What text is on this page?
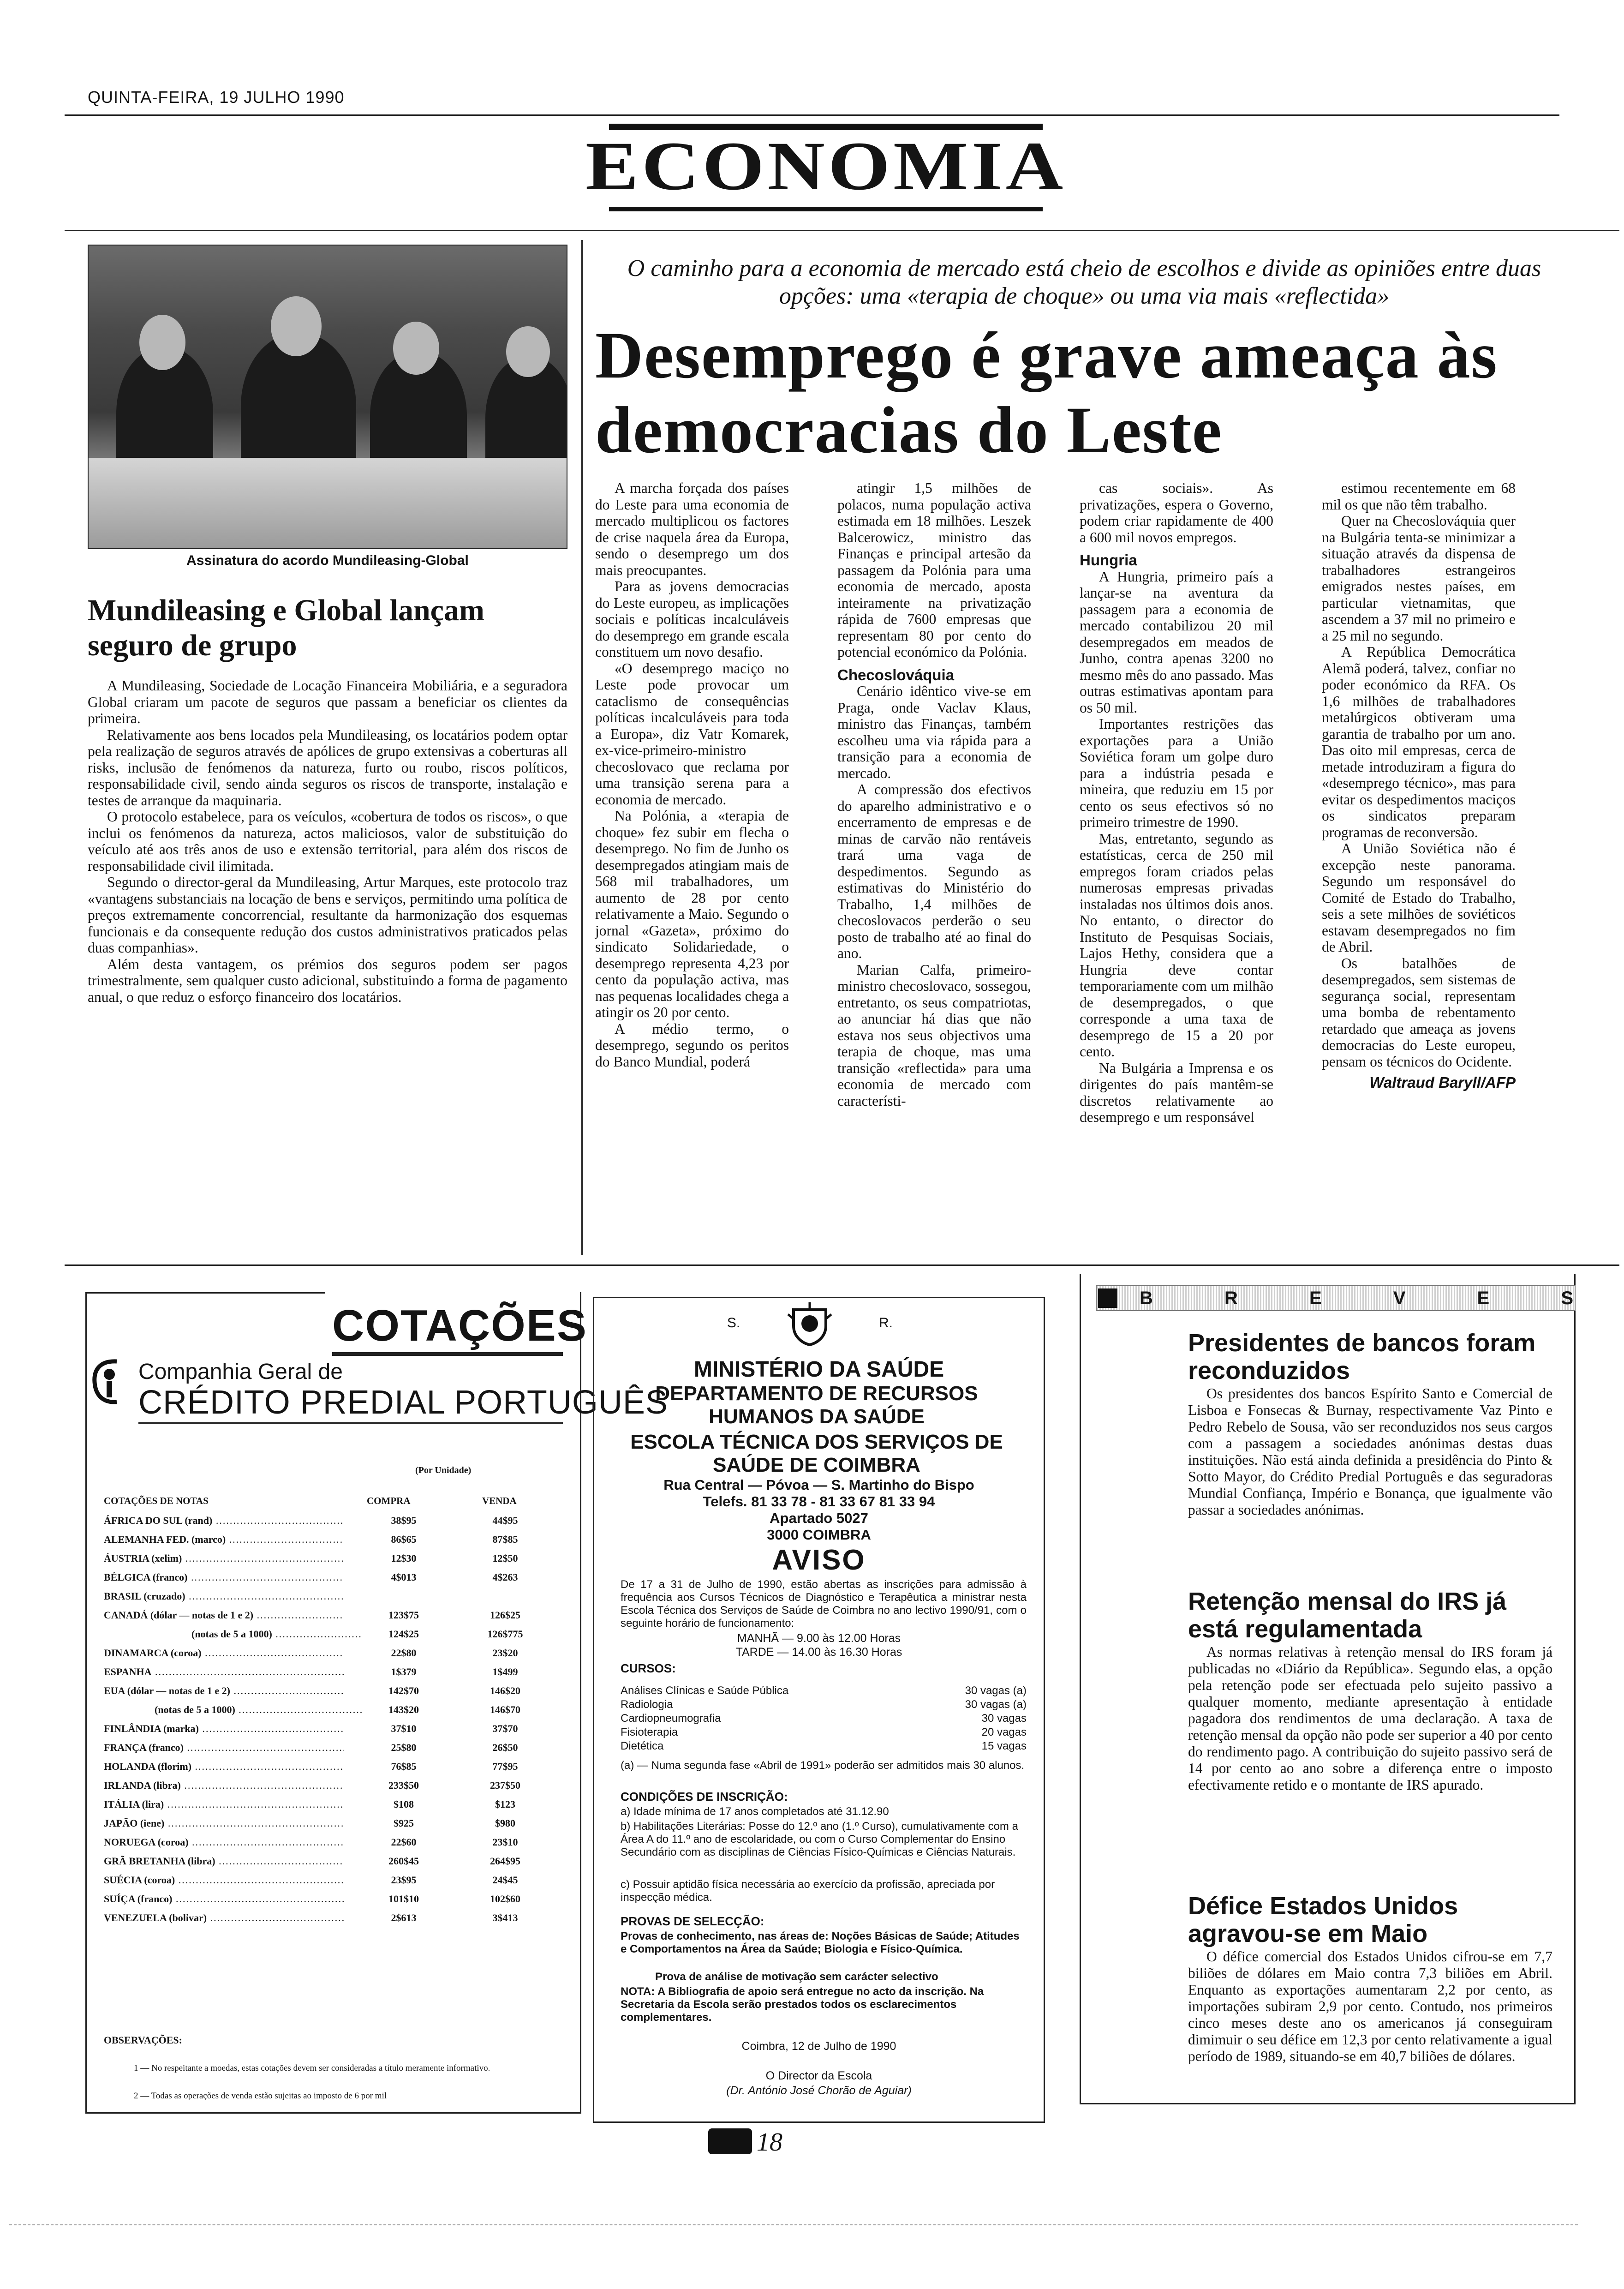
QUINTA-FEIRA, 19 JULHO 1990
ECONOMIA
Assinatura do acordo Mundileasing-Global
Mundileasing e Global lançam seguro de grupo

A Mundileasing, Sociedade de Locação Financeira Mobiliária, e a seguradora Global criaram um pacote de seguros que passam a beneficiar os clientes da primeira.

Relativamente aos bens locados pela Mundileasing, os locatários podem optar pela realização de seguros através de apólices de grupo extensivas a coberturas all risks, inclusão de fenómenos da natureza, furto ou roubo, riscos políticos, responsabilidade civil, sendo ainda seguros os riscos de transporte, instalação e testes de arranque da maquinaria.

O protocolo estabelece, para os veículos, «cobertura de todos os riscos», o que inclui os fenómenos da natureza, actos maliciosos, valor de substituição do veículo até aos três anos de uso e extensão territorial, para além dos riscos de responsabilidade civil ilimitada.

Segundo o director-geral da Mundileasing, Artur Marques, este protocolo traz «vantagens substanciais na locação de bens e serviços, permitindo uma política de preços extremamente concorrencial, resultante da harmonização dos esquemas funcionais e da consequente redução dos custos administrativos praticados pelas duas companhias».

Além desta vantagem, os prémios dos seguros podem ser pagos trimestralmente, sem qualquer custo adicional, substituindo a forma de pagamento anual, o que reduz o esforço financeiro dos locatários.

O caminho para a economia de mercado está cheio de escolhos e divide as opiniões entre duas opções: uma «terapia de choque» ou uma via mais «reflectida»
Desemprego é grave ameaça às democracias do Leste

A marcha forçada dos países do Leste para uma economia de mercado multiplicou os factores de crise naquela área da Europa, sendo o desemprego um dos mais preocupantes.

Para as jovens democracias do Leste europeu, as implicações sociais e políticas incalculáveis do desemprego em grande escala constituem um novo desafio.

«O desemprego maciço no Leste pode provocar um cataclismo de consequências políticas incalculáveis para toda a Europa», diz Vatr Komarek, ex-vice-primeiro-ministro checoslovaco que reclama por uma transição serena para a economia de mercado.

Na Polónia, a «terapia de choque» fez subir em flecha o desemprego. No fim de Junho os desempregados atingiam mais de 568 mil trabalhadores, um aumento de 28 por cento relativamente a Maio. Segundo o jornal «Gazeta», próximo do sindicato Solidariedade, o desemprego representa 4,23 por cento da população activa, mas nas pequenas localidades chega a atingir os 20 por cento.

A médio termo, o desemprego, segundo os peritos do Banco Mundial, poderá

atingir 1,5 milhões de polacos, numa população activa estimada em 18 milhões. Leszek Balcerowicz, ministro das Finanças e principal artesão da passagem da Polónia para uma economia de mercado, aposta inteiramente na privatização rápida de 7600 empresas que representam 80 por cento do potencial económico da Polónia.

Checoslováquia

Cenário idêntico vive-se em Praga, onde Vaclav Klaus, ministro das Finanças, também escolheu uma via rápida para a transição para a economia de mercado.

A compressão dos efectivos do aparelho administrativo e o encerramento de empresas e de minas de carvão não rentáveis trará uma vaga de despedimentos. Segundo as estimativas do Ministério do Trabalho, 1,4 milhões de checoslovacos perderão o seu posto de trabalho até ao final do ano.

Marian Calfa, primeiro-ministro checoslovaco, sossegou, entretanto, os seus compatriotas, ao anunciar há dias que não estava nos seus objectivos uma terapia de choque, mas uma transição «reflectida» para uma economia de mercado com característi-

cas sociais». As privatizações, espera o Governo, podem criar rapidamente de 400 a 600 mil novos empregos.

Hungria

A Hungria, primeiro país a lançar-se na aventura da passagem para a economia de mercado contabilizou 20 mil desempregados em meados de Junho, contra apenas 3200 no mesmo mês do ano passado. Mas outras estimativas apontam para os 50 mil.

Importantes restrições das exportações para a União Soviética foram um golpe duro para a indústria pesada e mineira, que reduziu em 15 por cento os seus efectivos só no primeiro trimestre de 1990.

Mas, entretanto, segundo as estatísticas, cerca de 250 mil empregos foram criados pelas numerosas empresas privadas instaladas nos últimos dois anos. No entanto, o director do Instituto de Pesquisas Sociais, Lajos Hethy, considera que a Hungria deve contar temporariamente com um milhão de desempregados, o que corresponde a uma taxa de desemprego de 15 a 20 por cento.

Na Bulgária a Imprensa e os dirigentes do país mantêm-se discretos relativamente ao desemprego e um responsável

estimou recentemente em 68 mil os que não têm trabalho.

Quer na Checoslováquia quer na Bulgária tenta-se minimizar a situação através da dispensa de trabalhadores estrangeiros emigrados nestes países, em particular vietnamitas, que ascendem a 37 mil no primeiro e a 25 mil no segundo.

A República Democrática Alemã poderá, talvez, confiar no poder económico da RFA. Os 1,6 milhões de trabalhadores metalúrgicos obtiveram uma garantia de trabalho por um ano. Das oito mil empresas, cerca de metade introduziram a figura do «desemprego técnico», mas para evitar os despedimentos maciços os sindicatos preparam programas de reconversão.

A União Soviética não é excepção neste panorama. Segundo um responsável do Comité de Estado do Trabalho, seis a sete milhões de soviéticos estavam desempregados no fim de Abril.

Os batalhões de desempregados, sem sistemas de segurança social, representam uma bomba de rebentamento retardado que ameaça as jovens democracias do Leste europeu, pensam os técnicos do Ocidente.

Waltraud Baryll/AFP

COTAÇÕES
Companhia Geral de
CRÉDITO PREDIAL PORTUGUÊS
(Por Unidade)
COTAÇÕES DE NOTAS	COMPRA	VENDA
ÁFRICA DO SUL (rand) .....	38$95	44$95
ALEMANHA FED. (marco) .....	86$65	87$85
ÁUSTRIA (xelim) .....	12$30	12$50
BÉLGICA (franco) .....	4$013	4$263
BRASIL (cruzado) .....
CANADÁ (dólar — notas de 1 e 2) .....	123$75	126$25
(notas de 5 a 1000) .....	124$25	126$775
DINAMARCA (coroa) .....	22$80	23$20
ESPANHA .....	1$379	1$499
EUA (dólar — notas de 1 e 2) .....	142$70	146$20
(notas de 5 a 1000) .....	143$20	146$70
FINLÂNDIA (marka) .....	37$10	37$70
FRANÇA (franco) .....	25$80	26$50
HOLANDA (florim) .....	76$85	77$95
IRLANDA (libra) .....	233$50	237$50
ITÁLIA (lira) .....	$108	$123
JAPÃO (iene) .....	$925	$980
NORUEGA (coroa) .....	22$60	23$10
GRÃ BRETANHA (libra) .....	260$45	264$95
SUÉCIA (coroa) .....	23$95	24$45
SUÍÇA (franco) .....	101$10	102$60
VENEZUELA (bolivar) .....	2$613	3$413
OBSERVAÇÕES:
1 — No respeitante a moedas, estas cotações devem ser consideradas a título meramente informativo.
2 — Todas as operações de venda estão sujeitas ao imposto de 6 por mil
S.	R.
MINISTÉRIO DA SAÚDE
DEPARTAMENTO DE RECURSOS HUMANOS DA SAÚDE
ESCOLA TÉCNICA DOS SERVIÇOS DE SAÚDE DE COIMBRA
Rua Central — Póvoa — S. Martinho do Bispo
Telefs. 81 33 78 - 81 33 67 81 33 94
Apartado 5027
3000 COIMBRA
AVISO
De 17 a 31 de Julho de 1990, estão abertas as inscrições para admissão à frequência aos Cursos Técnicos de Diagnóstico e Terapêutica a ministrar nesta Escola Técnica dos Serviços de Saúde de Coimbra no ano lectivo 1990/91, com o seguinte horário de funcionamento:
MANHÃ — 9.00 às 12.00 Horas
TARDE — 14.00 às 16.30 Horas
CURSOS:
Análises Clínicas e Saúde Pública	30 vagas (a)
Radiologia	30 vagas (a)
Cardiopneumografia	30 vagas
Fisioterapia	20 vagas
Dietética	15 vagas
(a) — Numa segunda fase «Abril de 1991» poderão ser admitidos mais 30 alunos.
CONDIÇÕES DE INSCRIÇÃO:
a) Idade mínima de 17 anos completados até 31.12.90
b) Habilitações Literárias: Posse do 12.º ano (1.º Curso), cumulativamente com a Área A do 11.º ano de escolaridade, ou com o Curso Complementar do Ensino Secundário com as disciplinas de Ciências Físico-Químicas e Ciências Naturais.
c) Possuir aptidão física necessária ao exercício da profissão, apreciada por inspecção médica.
PROVAS DE SELECÇÃO:
Provas de conhecimento, nas áreas de: Noções Básicas de Saúde; Atitudes e Comportamentos na Área da Saúde; Biologia e Físico-Química.
Prova de análise de motivação sem carácter selectivo
NOTA: A Bibliografia de apoio será entregue no acto da inscrição. Na Secretaria da Escola serão prestados todos os esclarecimentos complementares.
Coimbra, 12 de Julho de 1990
O Director da Escola
(Dr. António José Chorão de Aguiar)
18
B	R	E	V	E	S
Presidentes de bancos foram reconduzidos

Os presidentes dos bancos Espírito Santo e Comercial de Lisboa e Fonsecas & Burnay, respectivamente Vaz Pinto e Pedro Rebelo de Sousa, vão ser reconduzidos nos seus cargos com a passagem a sociedades anónimas destas duas instituições. Não está ainda definida a presidência do Pinto & Sotto Mayor, do Crédito Predial Português e das seguradoras Mundial Confiança, Império e Bonança, que igualmente vão passar a sociedades anónimas.

Retenção mensal do IRS já está regulamentada

As normas relativas à retenção mensal do IRS foram já publicadas no «Diário da República». Segundo elas, a opção pela retenção pode ser efectuada pelo sujeito passivo a qualquer momento, mediante apresentação à entidade pagadora dos rendimentos de uma declaração. A taxa de retenção mensal da opção não pode ser superior a 40 por cento do rendimento pago. A contribuição do sujeito passivo será de 14 por cento ao ano sobre a diferença entre o imposto efectivamente retido e o montante de IRS apurado.

Défice Estados Unidos agravou-se em Maio

O défice comercial dos Estados Unidos cifrou-se em 7,7 biliões de dólares em Maio contra 7,3 biliões em Abril. Enquanto as exportações aumentaram 2,2 por cento, as importações subiram 2,9 por cento. Contudo, nos primeiros cinco meses deste ano os americanos já conseguiram dimimuir o seu défice em 12,3 por cento relativamente a igual período de 1989, situando-se em 40,7 biliões de dólares.
